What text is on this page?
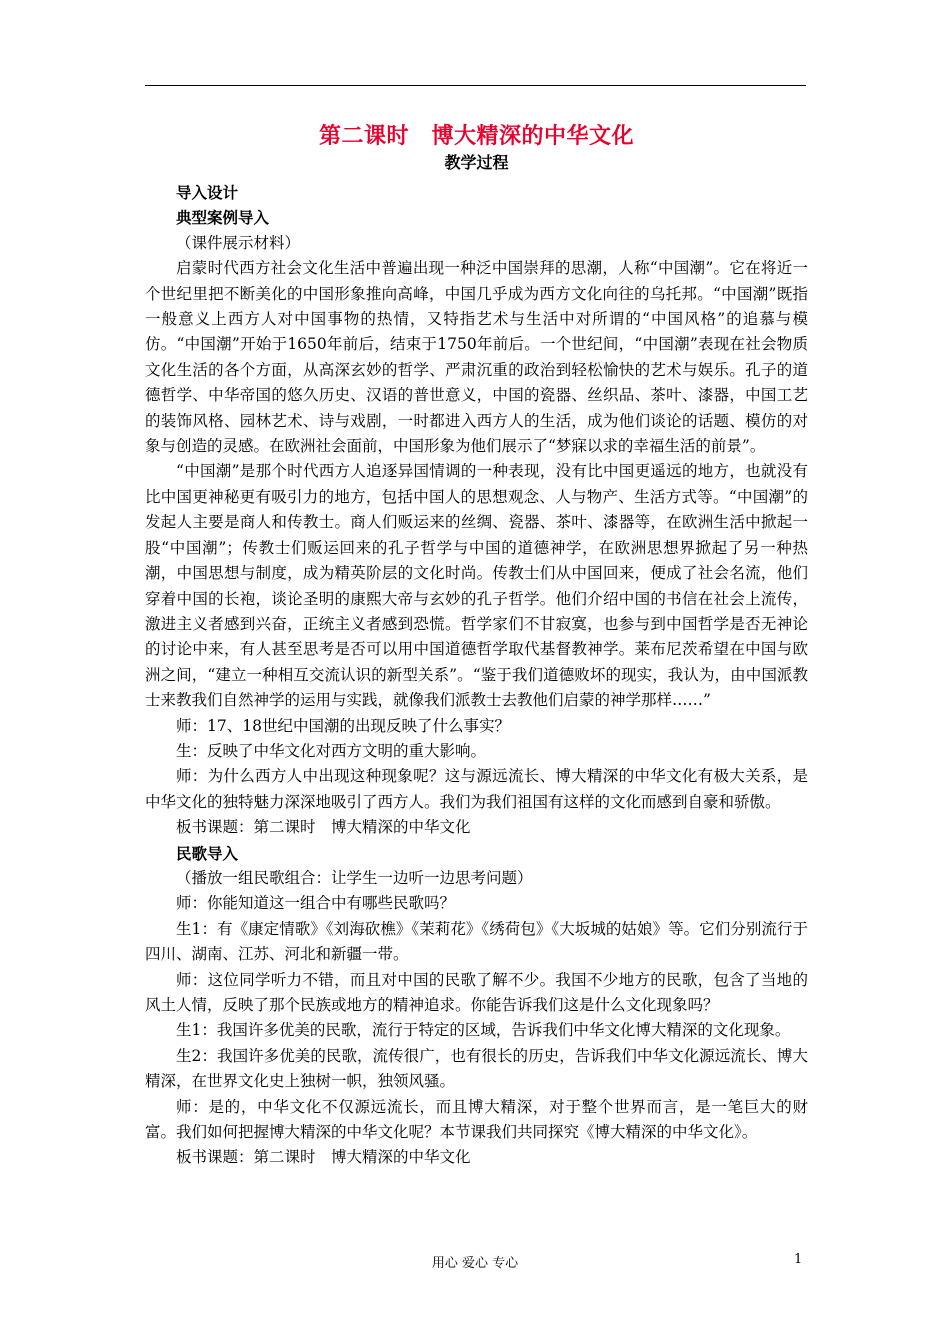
第二课时　博大精深的中华文化
教学过程

导入设计

典型案例导入

（课件展示材料）

启蒙时代西方社会文化生活中普遍出现一种泛中国崇拜的思潮，人称“中国潮”。它在将近一个世纪里把不断美化的中国形象推向高峰，中国几乎成为西方文化向往的乌托邦。“中国潮”既指一般意义上西方人对中国事物的热情，又特指艺术与生活中对所谓的“中国风格”的追慕与模仿。“中国潮”开始于1650年前后，结束于1750年前后。一个世纪间，“中国潮”表现在社会物质文化生活的各个方面，从高深玄妙的哲学、严肃沉重的政治到轻松愉快的艺术与娱乐。孔子的道德哲学、中华帝国的悠久历史、汉语的普世意义，中国的瓷器、丝织品、茶叶、漆器，中国工艺的装饰风格、园林艺术、诗与戏剧，一时都进入西方人的生活，成为他们谈论的话题、模仿的对象与创造的灵感。在欧洲社会面前，中国形象为他们展示了“梦寐以求的幸福生活的前景”。

“中国潮”是那个时代西方人追逐异国情调的一种表现，没有比中国更遥远的地方，也就没有比中国更神秘更有吸引力的地方，包括中国人的思想观念、人与物产、生活方式等。“中国潮”的发起人主要是商人和传教士。商人们贩运来的丝绸、瓷器、茶叶、漆器等，在欧洲生活中掀起一股“中国潮”；传教士们贩运回来的孔子哲学与中国的道德神学，在欧洲思想界掀起了另一种热潮，中国思想与制度，成为精英阶层的文化时尚。传教士们从中国回来，便成了社会名流，他们穿着中国的长袍，谈论圣明的康熙大帝与玄妙的孔子哲学。他们介绍中国的书信在社会上流传，激进主义者感到兴奋，正统主义者感到恐慌。哲学家们不甘寂寞，也参与到中国哲学是否无神论的讨论中来，有人甚至思考是否可以用中国道德哲学取代基督教神学。莱布尼茨希望在中国与欧洲之间，“建立一种相互交流认识的新型关系”。“鉴于我们道德败坏的现实，我认为，由中国派教士来教我们自然神学的运用与实践，就像我们派教士去教他们启蒙的神学那样……”

师：17、18世纪中国潮的出现反映了什么事实？

生：反映了中华文化对西方文明的重大影响。

师：为什么西方人中出现这种现象呢？这与源远流长、博大精深的中华文化有极大关系，是中华文化的独特魅力深深地吸引了西方人。我们为我们祖国有这样的文化而感到自豪和骄傲。

板书课题：第二课时　博大精深的中华文化

民歌导入

（播放一组民歌组合：让学生一边听一边思考问题）

师：你能知道这一组合中有哪些民歌吗？

生1：有《康定情歌》《刘海砍樵》《茉莉花》《绣荷包》《大坂城的姑娘》等。它们分别流行于四川、湖南、江苏、河北和新疆一带。

师：这位同学听力不错，而且对中国的民歌了解不少。我国不少地方的民歌，包含了当地的风土人情，反映了那个民族或地方的精神追求。你能告诉我们这是什么文化现象吗？

生1：我国许多优美的民歌，流行于特定的区域，告诉我们中华文化博大精深的文化现象。

生2：我国许多优美的民歌，流传很广，也有很长的历史，告诉我们中华文化源远流长、博大精深，在世界文化史上独树一帜，独领风骚。

师：是的，中华文化不仅源远流长，而且博大精深，对于整个世界而言，是一笔巨大的财富。我们如何把握博大精深的中华文化呢？本节课我们共同探究《博大精深的中华文化》。

板书课题：第二课时　博大精深的中华文化

用心 爱心 专心	1
